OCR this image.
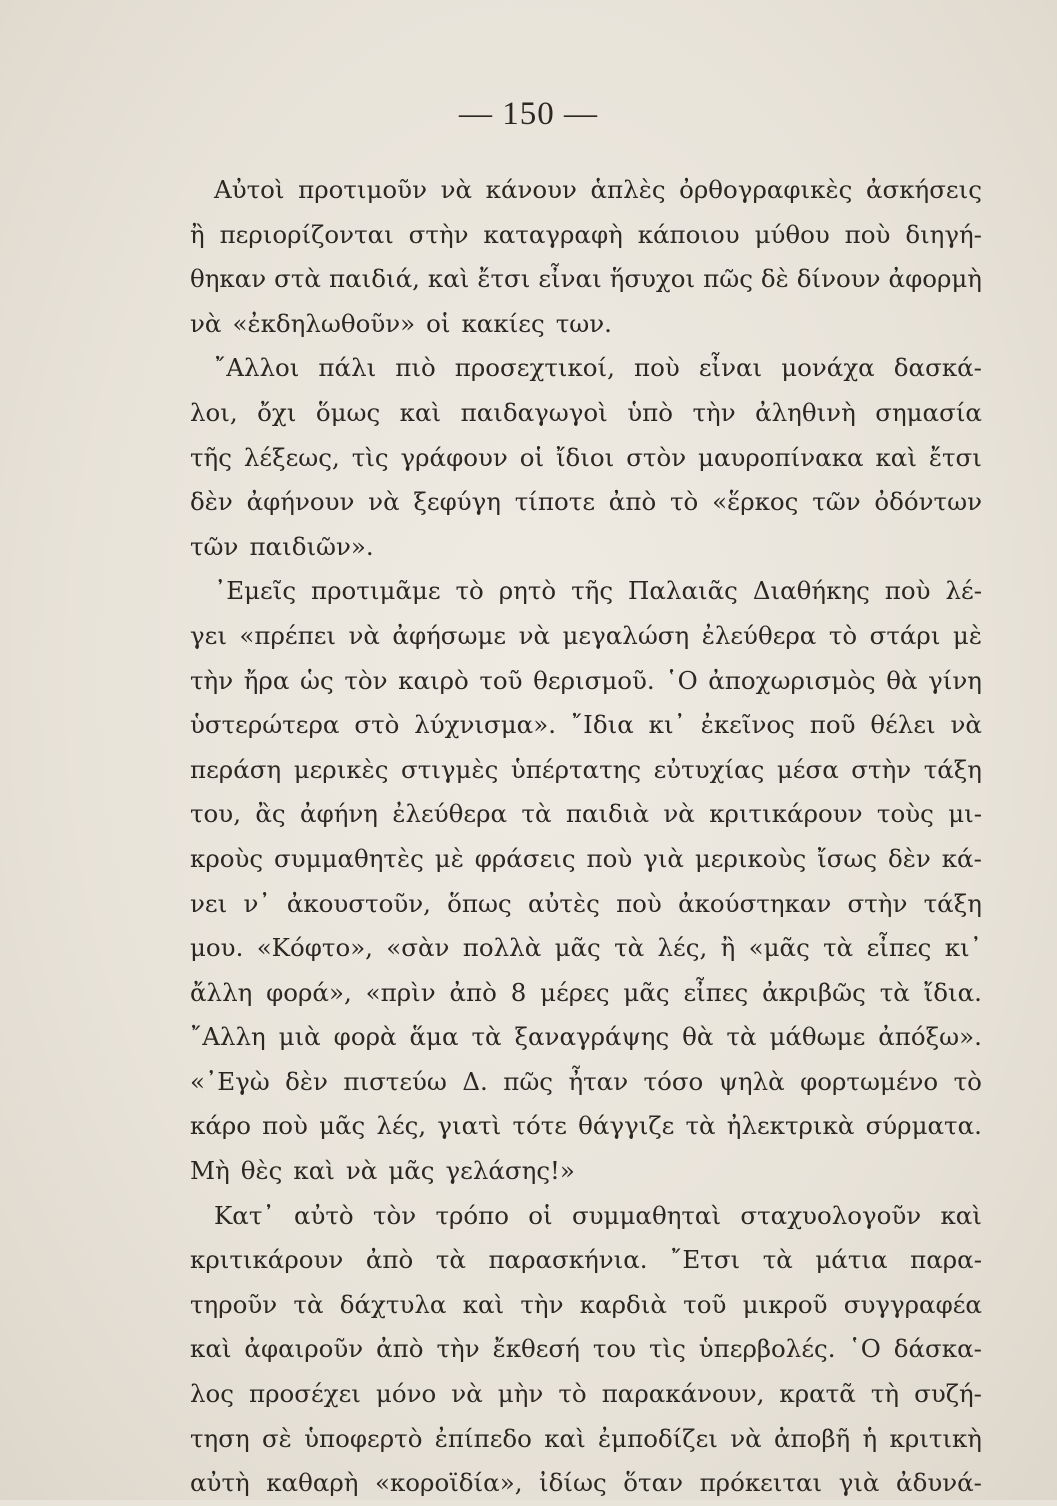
— 150 —
Αὐτοὶ προτιμοῦν νὰ κάνουν ἁπλὲς ὀρθογραφικὲς ἀσκήσεις
ἢ περιορίζονται στὴν καταγραφὴ κάποιου μύθου ποὺ διηγή-
θηκαν στὰ παιδιά, καὶ ἔτσι εἶναι ἥσυχοι πῶς δὲ δίνουν ἀφορμὴ
νὰ «ἐκδηλωθοῦν» οἱ κακίες των.
῎Αλλοι πάλι πιὸ προσεχτικοί, ποὺ εἶναι μονάχα δασκά-
λοι, ὄχι ὅμως καὶ παιδαγωγοὶ ὑπὸ τὴν ἀληθινὴ σημασία
τῆς λέξεως, τὶς γράφουν οἱ ἴδιοι στὸν μαυροπίνακα καὶ ἔτσι
δὲν ἀφήνουν νὰ ξεφύγη τίποτε ἀπὸ τὸ «ἕρκος τῶν ὀδόντων
τῶν παιδιῶν».
᾿Εμεῖς προτιμᾶμε τὸ ρητὸ τῆς Παλαιᾶς Διαθήκης ποὺ λέ-
γει «πρέπει νὰ ἀφήσωμε νὰ μεγαλώση ἐλεύθερα τὸ στάρι μὲ
τὴν ἤρα ὡς τὸν καιρὸ τοῦ θερισμοῦ. ῾Ο ἀποχωρισμὸς θὰ γίνη
ὑστερώτερα στὸ λύχνισμα». ῎Ιδια κι᾿ ἐκεῖνος ποῦ θέλει νὰ
περάση μερικὲς στιγμὲς ὑπέρτατης εὐτυχίας μέσα στὴν τάξη
του, ἂς ἀφήνη ἐλεύθερα τὰ παιδιὰ νὰ κριτικάρουν τοὺς μι-
κροὺς συμμαθητὲς μὲ φράσεις ποὺ γιὰ μερικοὺς ἴσως δὲν κά-
νει ν᾿ ἀκουστοῦν, ὅπως αὐτὲς ποὺ ἀκούστηκαν στὴν τάξη
μου. «Κόφτο», «σὰν πολλὰ μᾶς τὰ λές, ἢ «μᾶς τὰ εἶπες κι᾿
ἄλλη φορά», «πρὶν ἀπὸ 8 μέρες μᾶς εἶπες ἀκριβῶς τὰ ἴδια.
῎Αλλη μιὰ φορὰ ἅμα τὰ ξαναγράψης θὰ τὰ μάθωμε ἀπόξω».
«᾿Εγὼ δὲν πιστεύω Δ. πῶς ἦταν τόσο ψηλὰ φορτωμένο τὸ
κάρο ποὺ μᾶς λές, γιατὶ τότε θάγγιζε τὰ ἠλεκτρικὰ σύρματα.
Μὴ θὲς καὶ νὰ μᾶς γελάσης!»
Κατ᾿ αὐτὸ τὸν τρόπο οἱ συμμαθηταὶ σταχυολογοῦν καὶ
κριτικάρουν ἀπὸ τὰ παρασκήνια. ῎Ετσι τὰ μάτια παρα-
τηροῦν τὰ δάχτυλα καὶ τὴν καρδιὰ τοῦ μικροῦ συγγραφέα
καὶ ἀφαιροῦν ἀπὸ τὴν ἔκθεσή του τὶς ὑπερβολές. ῾Ο δάσκα-
λος προσέχει μόνο νὰ μὴν τὸ παρακάνουν, κρατᾶ τὴ συζή-
τηση σὲ ὑποφερτὸ ἐπίπεδο καὶ ἐμποδίζει νὰ ἀποβῆ ἡ κριτικὴ
αὐτὴ καθαρὴ «κοροϊδία», ἰδίως ὅταν πρόκειται γιὰ ἀδυνά-
